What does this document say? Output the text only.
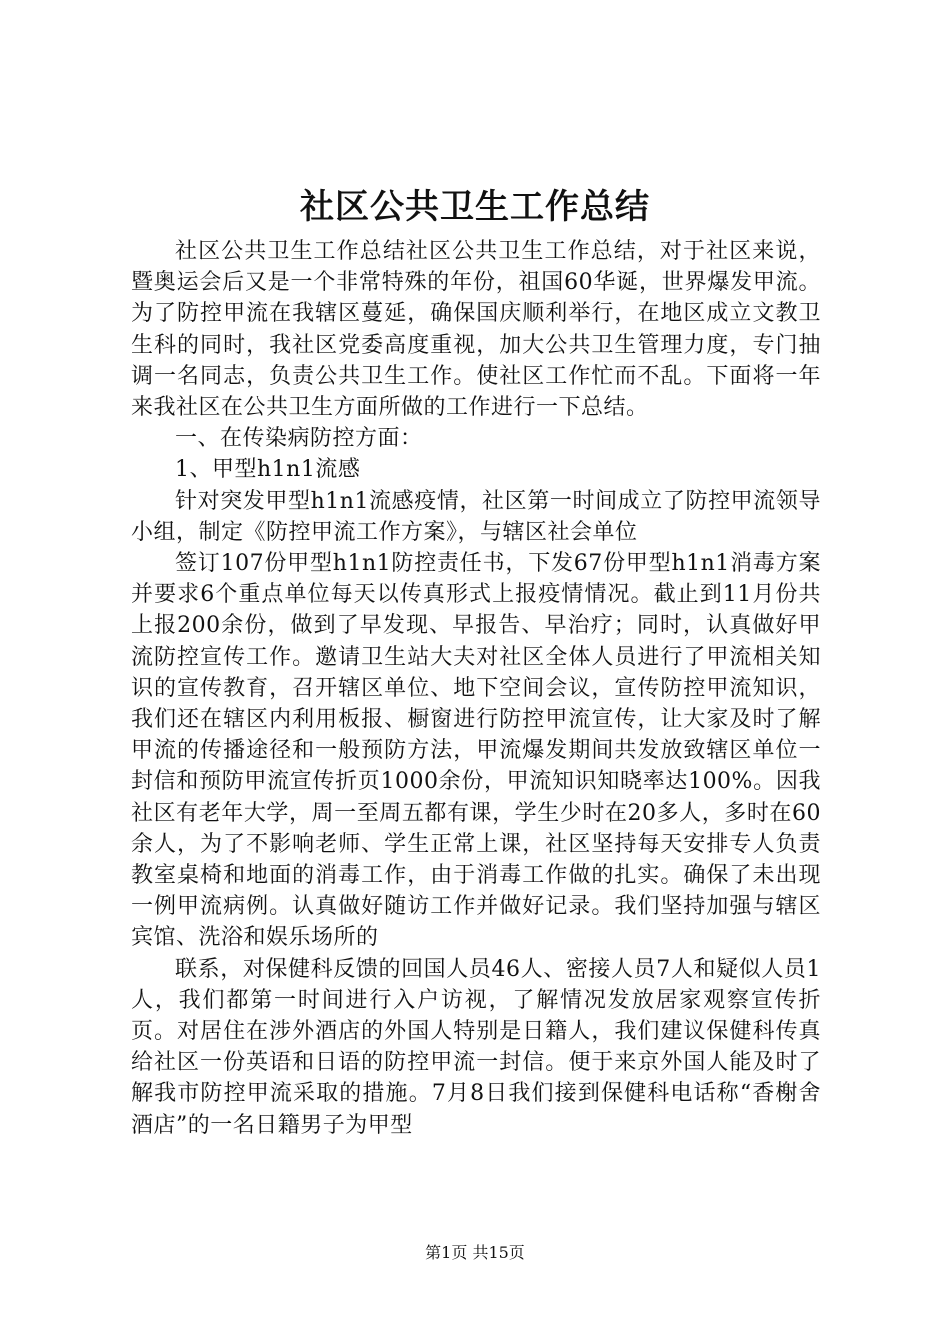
社区公共卫生工作总结

社区公共卫生工作总结社区公共卫生工作总结，对于社区来说，暨奥运会后又是一个非常特殊的年份，祖国60华诞，世界爆发甲流。为了防控甲流在我辖区蔓延，确保国庆顺利举行，在地区成立文教卫生科的同时，我社区党委高度重视，加大公共卫生管理力度，专门抽调一名同志，负责公共卫生工作。使社区工作忙而不乱。下面将一年来我社区在公共卫生方面所做的工作进行一下总结。

一、在传染病防控方面：

1、甲型h1n1流感

针对突发甲型h1n1流感疫情，社区第一时间成立了防控甲流领导小组，制定《防控甲流工作方案》，与辖区社会单位

签订107份甲型h1n1防控责任书，下发67份甲型h1n1消毒方案并要求6个重点单位每天以传真形式上报疫情情况。截止到11月份共上报200余份，做到了早发现、早报告、早治疗；同时，认真做好甲流防控宣传工作。邀请卫生站大夫对社区全体人员进行了甲流相关知识的宣传教育，召开辖区单位、地下空间会议，宣传防控甲流知识，我们还在辖区内利用板报、橱窗进行防控甲流宣传，让大家及时了解甲流的传播途径和一般预防方法，甲流爆发期间共发放致辖区单位一封信和预防甲流宣传折页1000余份，甲流知识知晓率达100%。因我社区有老年大学，周一至周五都有课，学生少时在20多人，多时在60余人，为了不影响老师、学生正常上课，社区坚持每天安排专人负责教室桌椅和地面的消毒工作，由于消毒工作做的扎实。确保了未出现一例甲流病例。认真做好随访工作并做好记录。我们坚持加强与辖区宾馆、洗浴和娱乐场所的

联系，对保健科反馈的回国人员46人、密接人员7人和疑似人员1人，我们都第一时间进行入户访视，了解情况发放居家观察宣传折页。对居住在涉外酒店的外国人特别是日籍人，我们建议保健科传真给社区一份英语和日语的防控甲流一封信。便于来京外国人能及时了解我市防控甲流采取的措施。7月8日我们接到保健科电话称“香榭舍酒店”的一名日籍男子为甲型

第1页 共15页
